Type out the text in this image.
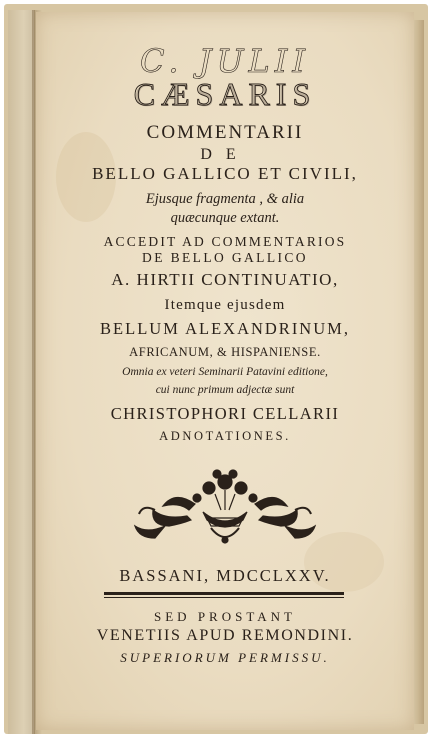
C. JULII
CÆSARIS
COMMENTARII
DE
BELLO GALLICO ET CIVILI,
Ejusque fragmenta , & alia
quæcunque extant.
ACCEDIT AD COMMENTARIOS
DE BELLO GALLICO
A. HIRTII CONTINUATIO,
Itemque ejusdem
BELLUM ALEXANDRINUM,
AFRICANUM, & HISPANIENSE.
Omnia ex veteri Seminarii Patavini editione,
cui nunc primum adjectæ sunt
CHRISTOPHORI CELLARII
ADNOTATIONES.
BASSANI, MDCCLXXV.
SED PROSTANT
VENETIIS APUD REMONDINI.
SUPERIORUM PERMISSU.
